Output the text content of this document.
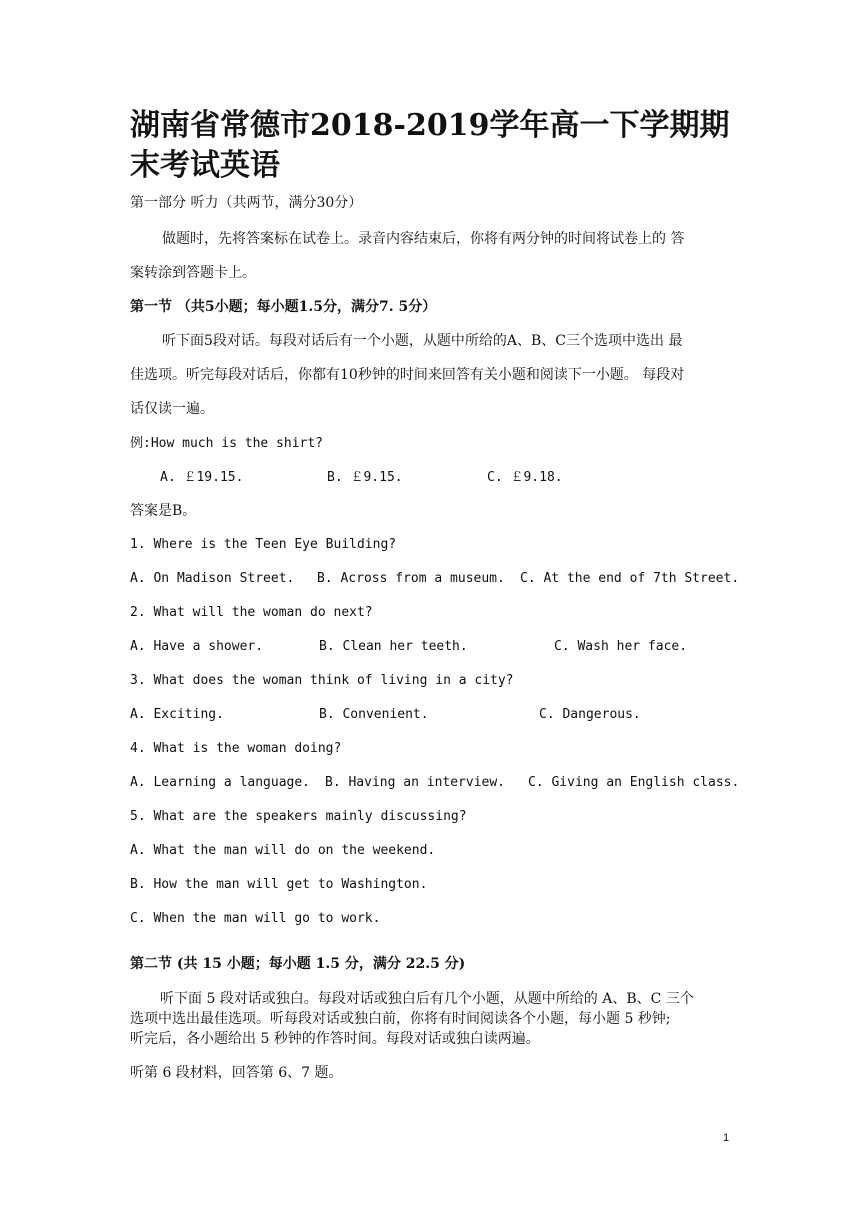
湖南省常德市2018-2019学年高一下学期期末考试英语
第一部分 听力（共两节，满分30分）
做题时，先将答案标在试卷上。录音内容结束后，你将有两分钟的时间将试卷上的 答
案转涂到答题卡上。
第一节 （共5小题；每小题1.5分，满分7. 5分）
听下面5段对话。每段对话后有一个小题，从题中所给的A、B、C三个选项中选出 最
佳选项。听完每段对话后，你都有10秒钟的时间来回答有关小题和阅读下一小题。 每段对
话仅读一遍。
例:How much is the shirt?
A. ￡19.15.	B. ￡9.15.	C. ￡9.18.
答案是B。
1. Where is the Teen Eye Building?
A. On Madison Street. B. Across from a museum. C. At the end of 7th Street.
2. What will the woman do next?
A. Have a shower.	B. Clean her teeth.	C. Wash her face.
3. What does the woman think of living in a city?
A. Exciting.	B. Convenient.	C. Dangerous.
4. What is the woman doing?
A. Learning a language. B. Having an interview. C. Giving an English class.
5. What are the speakers mainly discussing?
A. What the man will do on the weekend.
B. How the man will get to Washington.
C. When the man will go to work.
第二节 (共 15 小题；每小题 1.5 分，满分 22.5 分)
听下面 5 段对话或独白。每段对话或独白后有几个小题，从题中所给的 A、B、C 三个
选项中选出最佳选项。听每段对话或独白前，你将有时间阅读各个小题，每小题 5 秒钟;
听完后，各小题给出 5 秒钟的作答时间。每段对话或独白读两遍。
听第 6 段材料，回答第 6、7 题。
1
